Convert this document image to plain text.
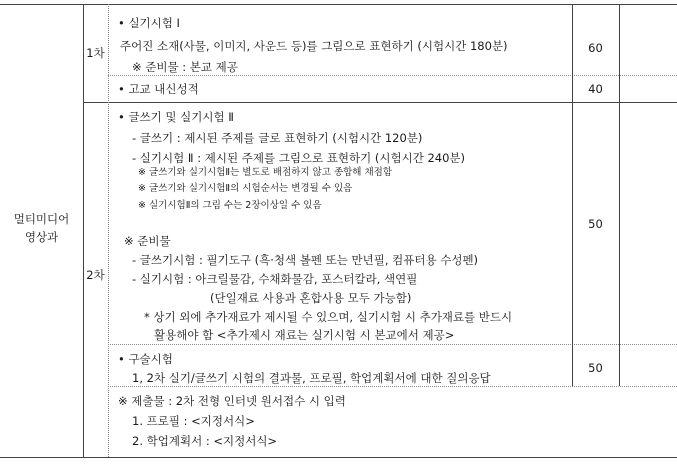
멀티미디어
영상과
1차
2차
• 실기시험 Ⅰ
주어진 소재(사물, 이미지, 사운드 등)를 그림으로 표현하기 (시험시간 180분)
※ 준비물 : 본교 제공
60
• 고교 내신성적	40
• 글쓰기 및 실기시험 Ⅱ
- 글쓰기 : 제시된 주제를 글로 표현하기 (시험시간 120분)
- 실기시험 Ⅱ : 제시된 주제를 그림으로 표현하기 (시험시간 240분)
※ 글쓰기와 실기시험Ⅱ는 별도로 배점하지 않고 종합해 채점함
※ 글쓰기와 실기시험Ⅱ의 시험순서는 변경될 수 있음
※ 실기시험Ⅱ의 그림 수는 2장이상일 수 있음
※ 준비물
- 글쓰기시험 : 필기도구 (흑·청색 볼펜 또는 만년필, 컴퓨터용 수성펜)
- 실기시험 : 아크릴물감, 수채화물감, 포스터칼라, 색연필
(단일재료 사용과 혼합사용 모두 가능함)
* 상기 외에 추가재료가 제시될 수 있으며, 실기시험 시 추가재료를 반드시
활용해야 함 <추가제시 재료는 실기시험 시 본교에서 제공>
50
• 구술시험
1, 2차 실기/글쓰기 시험의 결과물, 프로필, 학업계획서에 대한 질의응답
50
※ 제출물 : 2차 전형 인터넷 원서접수 시 입력
1. 프로필 : <지정서식>
2. 학업계획서 : <지정서식>
